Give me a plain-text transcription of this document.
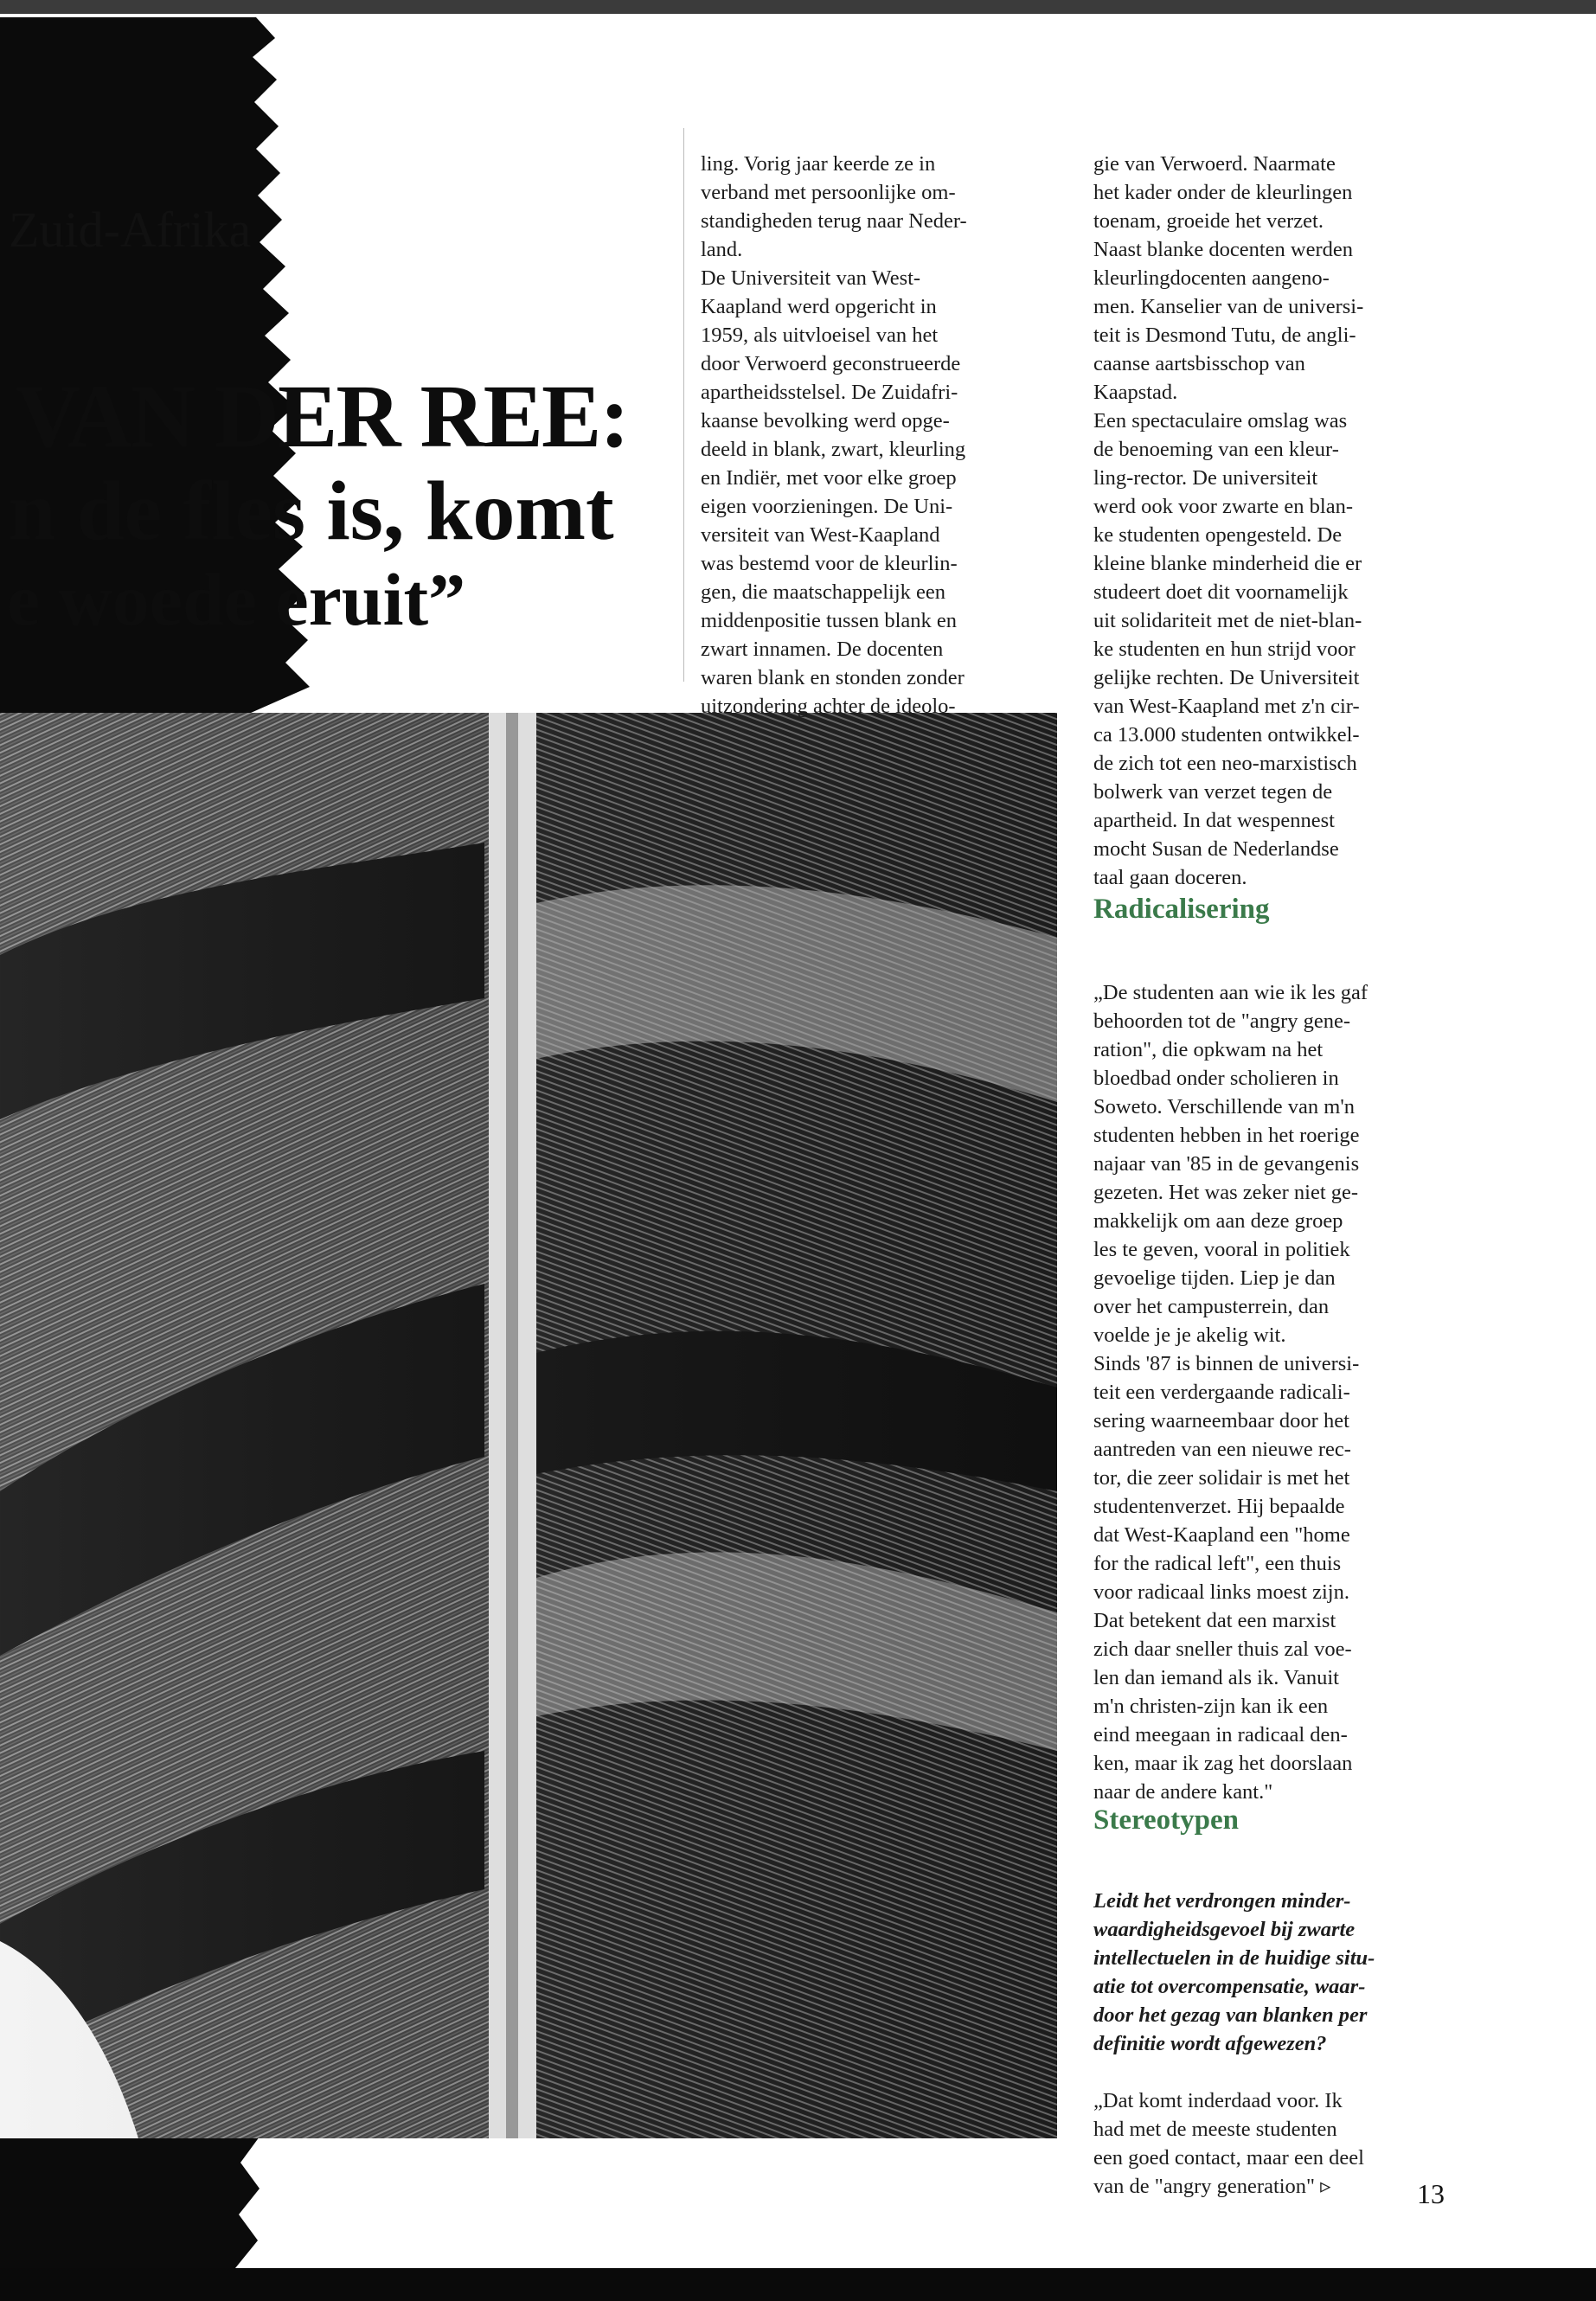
Zuid-Afrika
VAN DER REE:
n de fles is, komt
e woede eruit”

ling. Vorig jaar keerde ze in
verband met persoonlijke om-
standigheden terug naar Neder-
land.
De Universiteit van West-
Kaapland werd opgericht in
1959, als uitvloeisel van het
door Verwoerd geconstrueerde
apartheidsstelsel. De Zuidafri-
kaanse bevolking werd opge-
deeld in blank, zwart, kleurling
en Indiër, met voor elke groep
eigen voorzieningen. De Uni-
versiteit van West-Kaapland
was bestemd voor de kleurlin-
gen, die maatschappelijk een
middenpositie tussen blank en
zwart innamen. De docenten
waren blank en stonden zonder
uitzondering achter de ideolo-

gie van Verwoerd. Naarmate
het kader onder de kleurlingen
toenam, groeide het verzet.
Naast blanke docenten werden
kleurlingdocenten aangeno-
men. Kanselier van de universi-
teit is Desmond Tutu, de angli-
caanse aartsbisschop van
Kaapstad.
Een spectaculaire omslag was
de benoeming van een kleur-
ling-rector. De universiteit
werd ook voor zwarte en blan-
ke studenten opengesteld. De
kleine blanke minderheid die er
studeert doet dit voornamelijk
uit solidariteit met de niet-blan-
ke studenten en hun strijd voor
gelijke rechten. De Universiteit
van West-Kaapland met z'n cir-
ca 13.000 studenten ontwikkel-
de zich tot een neo-marxistisch
bolwerk van verzet tegen de
apartheid. In dat wespennest
mocht Susan de Nederlandse
taal gaan doceren.

Radicalisering

„De studenten aan wie ik les gaf
behoorden tot de "angry gene-
ration", die opkwam na het
bloedbad onder scholieren in
Soweto. Verschillende van m'n
studenten hebben in het roerige
najaar van '85 in de gevangenis
gezeten. Het was zeker niet ge-
makkelijk om aan deze groep
les te geven, vooral in politiek
gevoelige tijden. Liep je dan
over het campusterrein, dan
voelde je je akelig wit.
Sinds '87 is binnen de universi-
teit een verdergaande radicali-
sering waarneembaar door het
aantreden van een nieuwe rec-
tor, die zeer solidair is met het
studentenverzet. Hij bepaalde
dat West-Kaapland een "home
for the radical left", een thuis
voor radicaal links moest zijn.
Dat betekent dat een marxist
zich daar sneller thuis zal voe-
len dan iemand als ik. Vanuit
m'n christen-zijn kan ik een
eind meegaan in radicaal den-
ken, maar ik zag het doorslaan
naar de andere kant."

Stereotypen

Leidt het verdrongen minder-
waardigheidsgevoel bij zwarte
intellectuelen in de huidige situ-
atie tot overcompensatie, waar-
door het gezag van blanken per
definitie wordt afgewezen?

„Dat komt inderdaad voor. Ik
had met de meeste studenten
een goed contact, maar een deel
van de "angry generation" ▹	13
